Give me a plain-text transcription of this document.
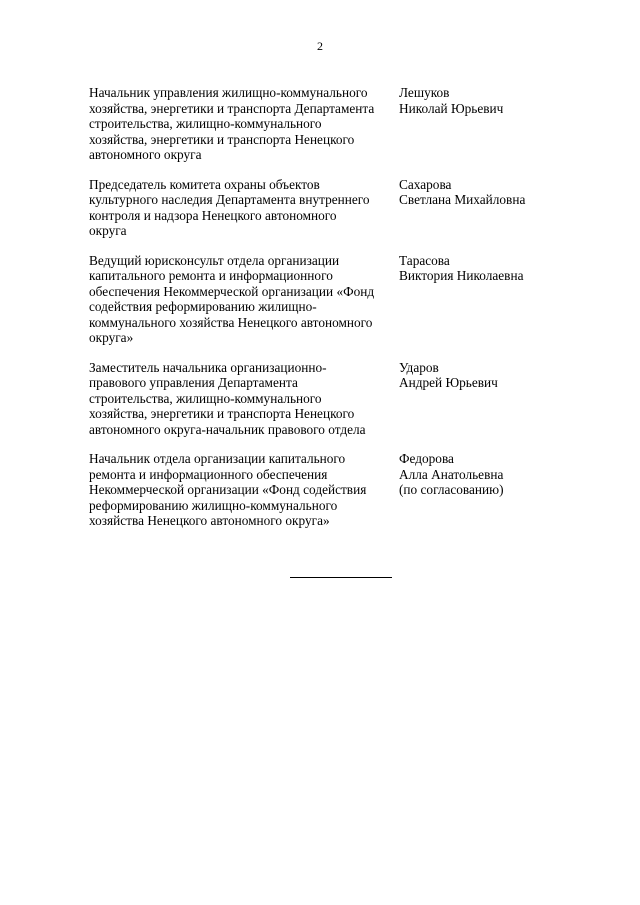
2
Начальник управления жилищно-коммунального
хозяйства, энергетики и транспорта Департамента
строительства, жилищно-коммунального
хозяйства, энергетики и транспорта Ненецкого
автономного округа
Лешуков
Николай Юрьевич
Председатель комитета охраны объектов
культурного наследия Департамента внутреннего
контроля и надзора Ненецкого автономного
округа
Сахарова
Светлана Михайловна
Ведущий юрисконсульт отдела организации
капитального ремонта и информационного
обеспечения Некоммерческой организации «Фонд
содействия реформированию жилищно-
коммунального хозяйства Ненецкого автономного
округа»
Тарасова
Виктория Николаевна
Заместитель начальника организационно-
правового управления Департамента
строительства, жилищно-коммунального
хозяйства, энергетики и транспорта Ненецкого
автономного округа-начальник правового отдела
Ударов
Андрей Юрьевич
Начальник отдела организации капитального
ремонта и информационного обеспечения
Некоммерческой организации «Фонд содействия
реформированию жилищно-коммунального
хозяйства Ненецкого автономного округа»
Федорова
Алла Анатольевна
(по согласованию)
